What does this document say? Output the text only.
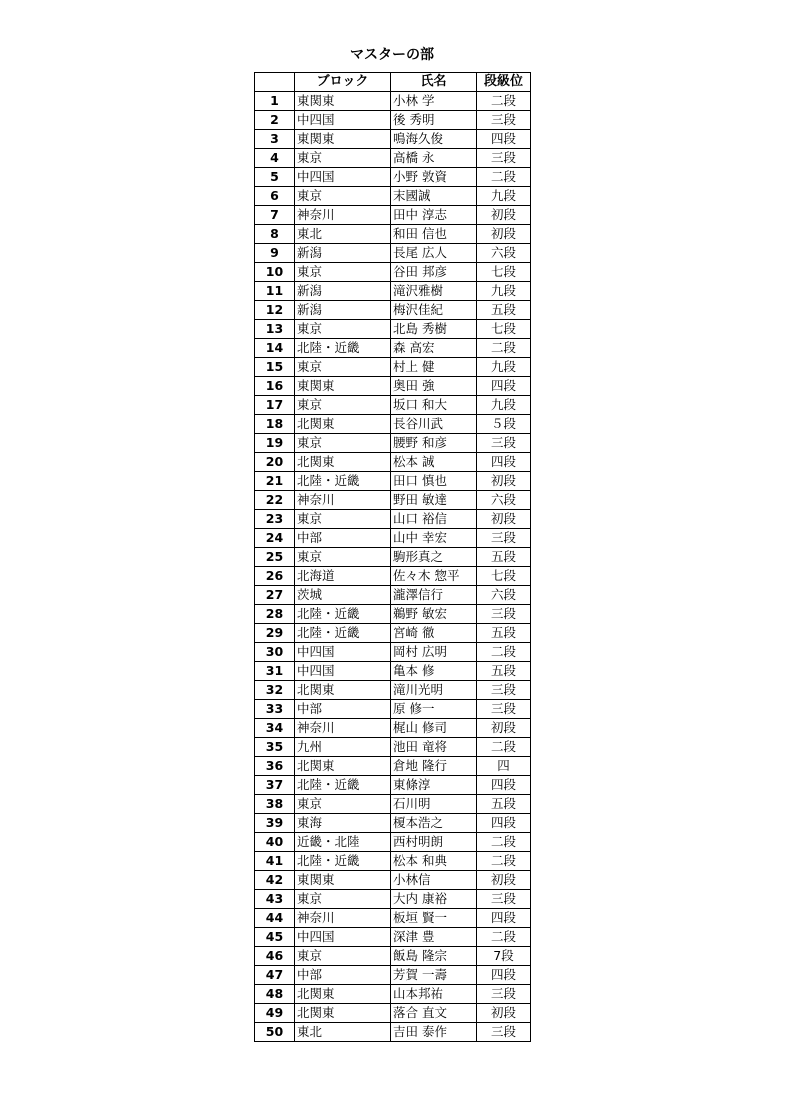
マスターの部
	ブロック	氏名	段級位
1	東関東	小林 学	二段
2	中四国	後 秀明	三段
3	東関東	鳴海久俊	四段
4	東京	高橋 永	三段
5	中四国	小野 敦資	二段
6	東京	末國誠	九段
7	神奈川	田中 淳志	初段
8	東北	和田 信也	初段
9	新潟	長尾 広人	六段
10	東京	谷田 邦彦	七段
11	新潟	滝沢雅樹	九段
12	新潟	梅沢佳紀	五段
13	東京	北島 秀樹	七段
14	北陸・近畿	森 高宏	二段
15	東京	村上 健	九段
16	東関東	奥田 強	四段
17	東京	坂口 和大	九段
18	北関東	長谷川武	５段
19	東京	腰野 和彦	三段
20	北関東	松本 誠	四段
21	北陸・近畿	田口 慎也	初段
22	神奈川	野田 敏達	六段
23	東京	山口 裕信	初段
24	中部	山中 幸宏	三段
25	東京	駒形真之	五段
26	北海道	佐々木 惣平	七段
27	茨城	瀧澤信行	六段
28	北陸・近畿	鵜野 敏宏	三段
29	北陸・近畿	宮崎 徹	五段
30	中四国	岡村 広明	二段
31	中四国	亀本 修	五段
32	北関東	滝川光明	三段
33	中部	原 修一	三段
34	神奈川	梶山 修司	初段
35	九州	池田 竜将	二段
36	北関東	倉地 隆行	四
37	北陸・近畿	東條淳	四段
38	東京	石川明	五段
39	東海	榎本浩之	四段
40	近畿・北陸	西村明朗	二段
41	北陸・近畿	松本 和典	二段
42	東関東	小林信	初段
43	東京	大内 康裕	三段
44	神奈川	板垣 賢一	四段
45	中四国	深津 豊	二段
46	東京	飯島 隆宗	7段
47	中部	芳賀 一壽	四段
48	北関東	山本邦祐	三段
49	北関東	落合 直文	初段
50	東北	吉田 泰作	三段
